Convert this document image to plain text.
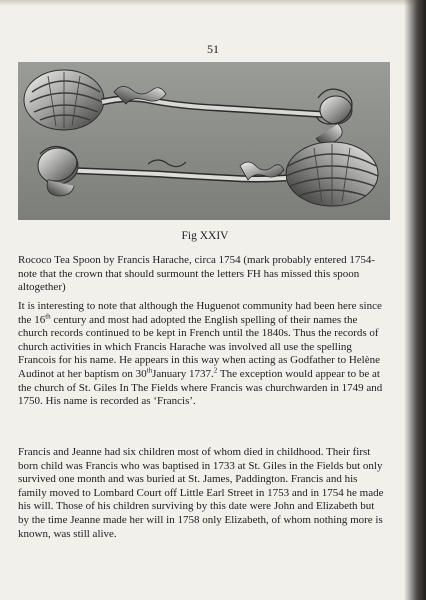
51
Fig XXIV

Rococo Tea Spoon by Francis Harache, circa 1754 (mark probably entered 1754-note that the crown that should surmount the letters FH has missed this spoon altogether)

It is interesting to note that although the Huguenot community had been here since the 16th century and most had adopted the English spelling of their names the church records continued to be kept in French until the 1840s. Thus the records of church activities in which Francis Harache was involved all use the spelling Francois for his name. He appears in this way when acting as Godfather to Helène Audinot at her baptism on 30thJanuary 1737.$^2$ The exception would appear to be at the church of St. Giles In The Fields where Francis was churchwarden in 1749 and 1750. His name is recorded as ‘Francis’.

Francis and Jeanne had six children most of whom died in childhood. Their first born child was Francis who was baptised in 1733 at St. Giles in the Fields but only survived one month and was buried at St. James, Paddington. Francis and his family moved to Lombard Court off Little Earl Street in 1753 and in 1754 he made his will. Those of his children surviving by this date were John and Elizabeth but by the time Jeanne made her will in 1758 only Elizabeth, of whom nothing more is known, was still alive.
